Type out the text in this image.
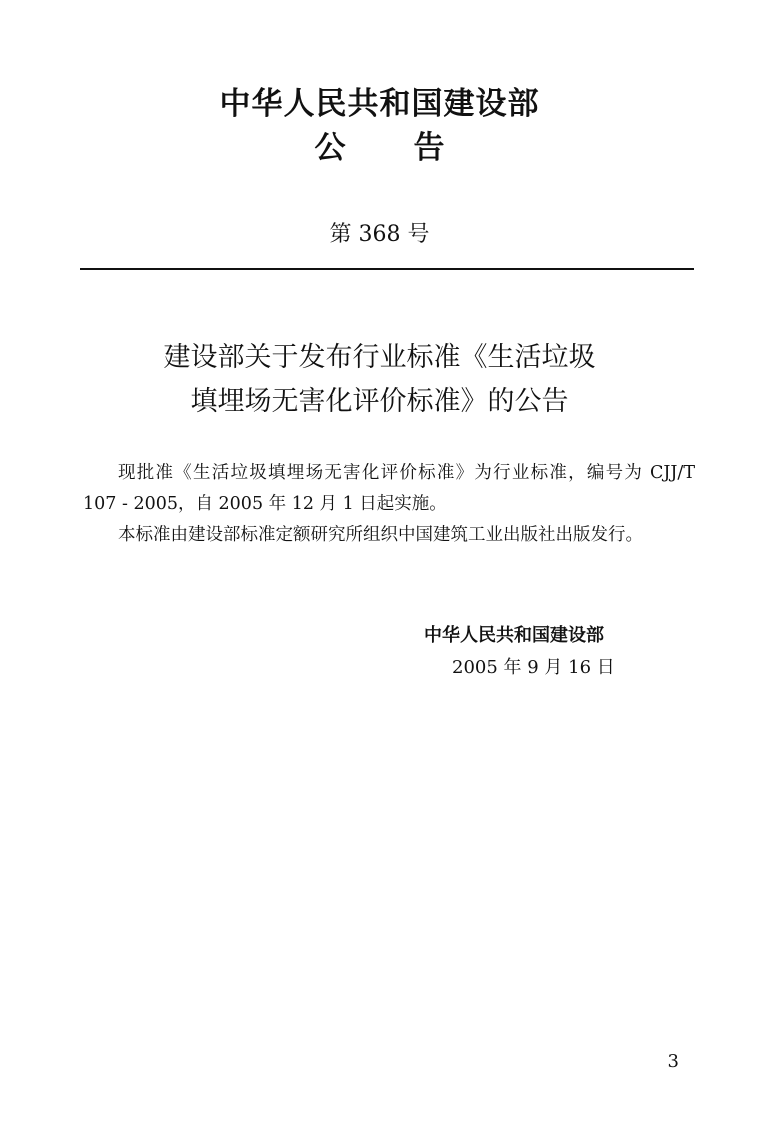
中华人民共和国建设部
公告
第 368 号
建设部关于发布行业标准《生活垃圾
填埋场无害化评价标准》的公告

现批准《生活垃圾填埋场无害化评价标准》为行业标准，编号为 CJJ/T 107 - 2005，自 2005 年 12 月 1 日起实施。

本标准由建设部标准定额研究所组织中国建筑工业出版社出版发行。

中华人民共和国建设部
2005 年 9 月 16 日
3
